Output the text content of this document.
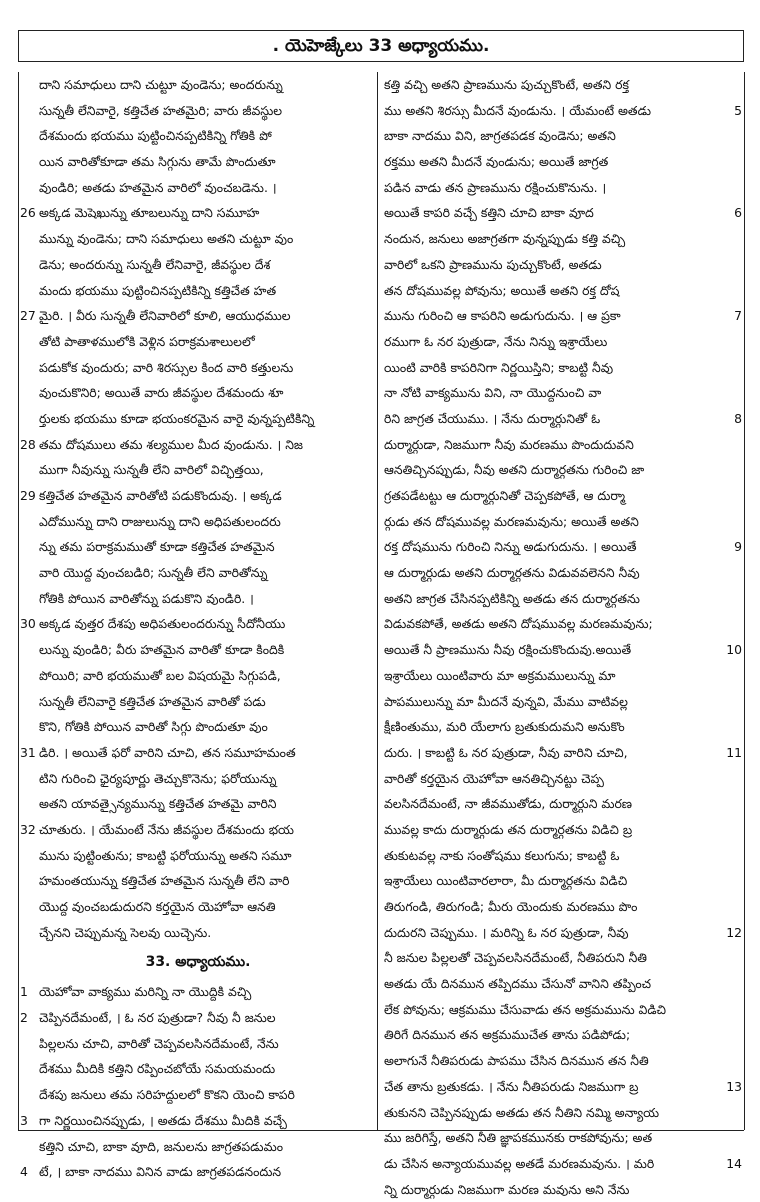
. యెహెజ్కేలు 33 అధ్యాయము.
దాని సమాధులు దాని చుట్టూ వుండెను; అందరున్ను
సున్నతీ లేనివారై, కత్తిచేత హతమైరి; వారు జీవస్థుల
దేశమందు భయము పుట్టించినప్పటికిన్ని గోతికి పో
యిన వారితోకూడా తమ సిగ్గును తామే పొందుతూ
వుండిరి; అతడు హతమైన వారిలో వుంచబడెను. ।
26 అక్కడ మెషెఖున్ను తూబలున్ను దాని సమూహ
మున్ను వుండెను; దాని సమాధులు అతని చుట్టూ వుం
డెను; అందరున్ను సున్నతీ లేనివారై, జీవస్థుల దేశ
మందు భయము పుట్టించినప్పటికిన్ని కత్తిచేత హత
27 మైరి. । వీరు సున్నతీ లేనివారిలో కూలి, ఆయుధముల
తోటి పాతాళములోకి వెళ్లిన పరాక్రమశాలులలో
పడుకోక వుందురు; వారి శిరస్సుల కింద వారి కత్తులను
వుంచుకొనిరి; అయితే వారు జీవస్థుల దేశమందు శూ
ర్తులకు భయము కూడా భయంకరమైన వారై వున్నప్పటికిన్ని
28 తమ దోషములు తమ శల్యముల మీద వుండును. । నిజ
ముగా నీవున్ను సున్నతీ లేని వారిలో విచ్ఛిత్తయి,
29 కత్తిచేత హతమైన వారితోటి పడుకొందువు. । అక్కడ
ఎదోమున్ను దాని రాజులున్ను దాని అధిపతులందరు
న్ను తమ పరాక్రమముతో కూడా కత్తిచేత హతమైన
వారి యొద్ద వుంచబడిరి; సున్నతీ లేని వారితోన్ను
గోతికి పోయిన వారితోన్ను పడుకొని వుండిరి. ।
30 అక్కడ వుత్తర దేశపు అధిపతులందరున్ను సీదోనీయు
లున్ను వుండిరి; వీరు హతమైన వారితో కూడా కిందికి
పోయిరి; వారి భయముతో బల విషయమై సిగ్గుపడి,
సున్నతీ లేనివారై కత్తిచేత హతమైన వారితో పడు
కొని, గోతికి పోయిన వారితో సిగ్గు పొందుతూ వుం
31 డిరి. । అయితే ఫరో వారిని చూచి, తన సమూహమంత
టిని గురించి ఛైర్యపూర్ణు తెచ్చుకొనెను; ఫరోయున్ను
అతని యావత్సైన్యమున్ను కత్తిచేత హతమై వారిని
32 చూతురు. । యేమంటే నేను జీవస్థుల దేశమందు భయ
మును పుట్టింతును; కాబట్టి ఫరోయున్ను అతని సమూ
హమంతయున్ను కత్తిచేత హతమైన సున్నతీ లేని వారి
యొద్ద వుంచబడుదురని కర్తయైన యెహోవా ఆనతి
చ్చేనని చెప్పుమన్న సెలవు యిచ్చెను.
33. అధ్యాయము.
1 యెహోవా వాక్యము మరిన్ని నా యొద్దికి వచ్చి
2 చెప్పినదేమంటే, । ఓ నర పుత్రుడా? నీవు నీ జనుల
పిల్లలను చూచి, వారితో చెప్పవలసినదేమంటే, నేను
దేశము మీదికి కత్తిని రప్పించబోయే సమయమందు
దేశపు జనులు తమ సరిహద్దులలో కొకని యెంచి కాపరి
3 గా నిర్ణయించినప్పుడు, । అతడు దేశము మీదికి వచ్చే
కత్తిని చూచి, బాకా వూది, జనులను జాగ్రతపడుమం
4 టే, । బాకా నాదము వినిన వాడు జాగ్రతపడనందున
కత్తి వచ్చి అతని ప్రాణమును పుచ్చుకొంటే, అతని రక్త
5
ము అతని శిరస్సు మీదనే వుండును. । యేమంటే అతడు
బాకా నాదము విని, జాగ్రతపడక వుండెను; అతని
రక్తము అతని మీదనే వుండును; అయితే జాగ్రత
పడిన వాడు తన ప్రాణమును రక్షించుకొనును. ।
6
అయితే కాపరి వచ్చే కత్తిని చూచి బాకా వూద
నందున, జనులు అజాగ్రతగా వున్నప్పుడు కత్తి వచ్చి
వారిలో ఒకని ప్రాణమును పుచ్చుకొంటే, అతడు
తన దోషమువల్ల పోవును; అయితే అతని రక్త దోష
7
మును గురించి ఆ కాపరిని అడుగుదును. । ఆ ప్రకా
రముగా ఓ నర పుత్రుడా, నేను నిన్ను ఇశ్రాయేలు
యింటి వారికి కాపరినిగా నిర్ణయిస్తిని; కాబట్టి నీవు
నా నోటి వాక్యమును విని, నా యొద్దనుంచి వా
8
రిని జాగ్రత చేయుము. । నేను దుర్మార్గునితో ఓ
దుర్మార్గుడా, నిజముగా నీవు మరణము పొందుదువని
ఆనతిచ్చినప్పుడు, నీవు అతని దుర్మార్గతను గురించి జా
గ్రతపడేటట్టు ఆ దుర్మార్గునితో చెప్పకపోతే, ఆ దుర్మా
ర్గుడు తన దోషమువల్ల మరణమవును; అయితే అతని
9
రక్త దోషమును గురించి నిన్ను అడుగుదును. । అయితే
ఆ దుర్మార్గుడు అతని దుర్మార్గతను విడువవలెనని నీవు
అతని జాగ్రత చేసినప్పటికిన్ని అతడు తన దుర్మార్గతను
విడువకపోతే, అతడు అతని దోషమువల్ల మరణమవును;
10
అయితే నీ ప్రాణమును నీవు రక్షించుకొందువు.అయితే
ఇశ్రాయేలు యింటివారు మా అక్రమములున్ను మా
పాపములున్ను మా మీదనే వున్నవి, మేము వాటివల్ల
క్షీణింతుము, మరి యేలాగు బ్రతుకుదుమని అనుకొం
11
దురు. । కాబట్టి ఓ నర పుత్రుడా, నీవు వారిని చూచి,
వారితో కర్తయైన యెహోవా ఆనతిచ్చినట్టు చెప్ప
వలసినదేమంటే, నా జీవముతోడు, దుర్మార్గుని మరణ
మువల్ల కాదు దుర్మార్గుడు తన దుర్మార్గతను విడిచి బ్ర
తుకుటవల్ల నాకు సంతోషము కలుగును; కాబట్టి ఓ
ఇశ్రాయేలు యింటివారలారా, మీ దుర్మార్గతను విడిచి
తిరుగండి, తిరుగండి; మీరు యెందుకు మరణము పొం
12
దుదురని చెప్పుము. । మరిన్ని ఓ నర పుత్రుడా, నీవు
నీ జనుల పిల్లలతో చెప్పవలసినదేమంటే, నీతిపరుని నీతి
అతడు యే దినమున తప్పిదము చేసునో వానిని తప్పించ
లేక పోవును; ఆక్రమము చేసువాడు తన అక్రమమును విడిచి
తిరిగే దినమున తన అక్రమముచేత తాను పడిపోడు;
అలాగునే నీతిపరుడు పాపము చేసిన దినమున తన నీతి
13
చేత తాను బ్రతుకడు. । నేను నీతిపరుడు నిజముగా బ్ర
తుకునని చెప్పినప్పుడు అతడు తన నీతిని నమ్మి అన్యాయ
ము జరిగిస్తే, అతని నీతి జ్ఞాపకమునకు రాకపోవును; అత
14
డు చేసిన అన్యాయమువల్ల అతడే మరణమవును. । మరి
న్ని దుర్మార్గుడు నిజముగా మరణ మవును అని నేను
